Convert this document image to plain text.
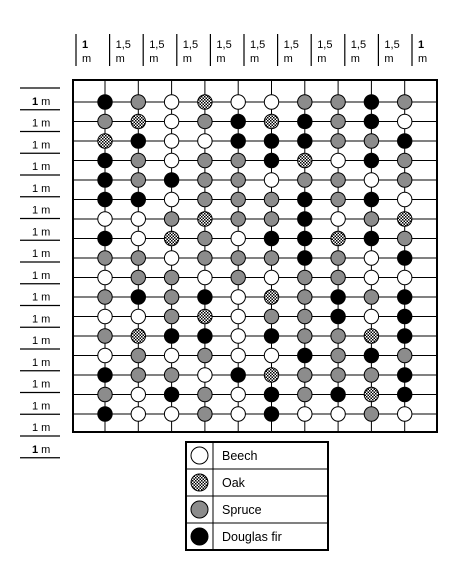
1
m
1,5
m
1,5
m
1,5
m
1,5
m
1,5
m
1,5
m
1,5
m
1,5
m
1,5
m
1
m
1 m
1 m
1 m
1 m
1 m
1 m
1 m
1 m
1 m
1 m
1 m
1 m
1 m
1 m
1 m
1 m
1 m	Beech
Oak
Spruce
Douglas fir
